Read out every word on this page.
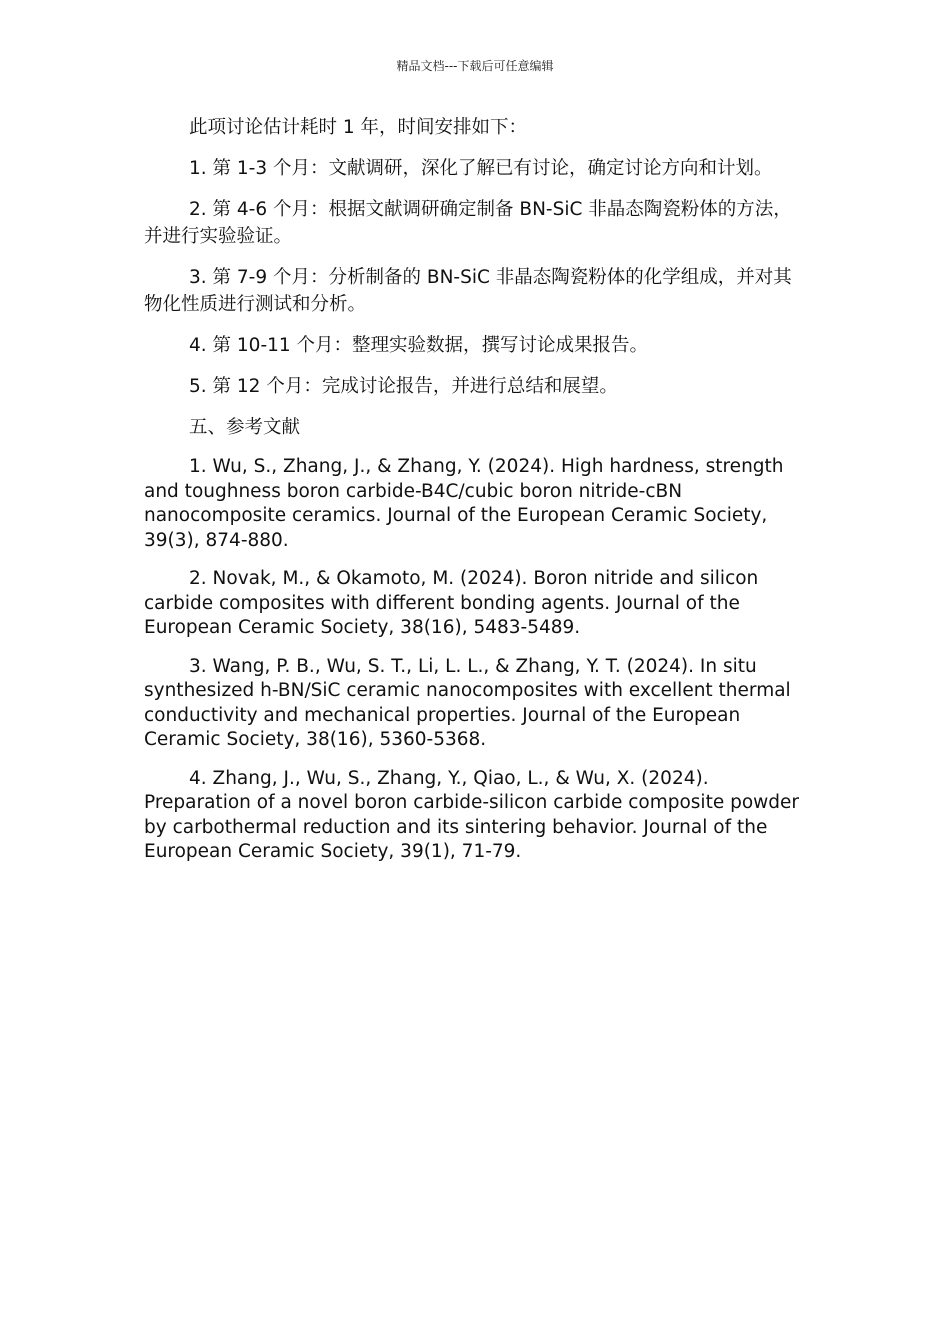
精品文档---下载后可任意编辑

此项讨论估计耗时 1 年，时间安排如下：

1. 第 1-3 个月：文献调研，深化了解已有讨论，确定讨论方向和计划。

2. 第 4-6 个月：根据文献调研确定制备 BN-SiC 非晶态陶瓷粉体的方法，并进行实验验证。

3. 第 7-9 个月：分析制备的 BN-SiC 非晶态陶瓷粉体的化学组成，并对其物化性质进行测试和分析。

4. 第 10-11 个月：整理实验数据，撰写讨论成果报告。

5. 第 12 个月：完成讨论报告，并进行总结和展望。

五、参考文献

1. Wu, S., Zhang, J., & Zhang, Y. (2024). High hardness, strength and toughness boron carbide-B4C/cubic boron nitride-cBN nanocomposite ceramics. Journal of the European Ceramic Society, 39(3), 874-880.

2. Novak, M., & Okamoto, M. (2024). Boron nitride and silicon carbide composites with different bonding agents. Journal of the European Ceramic Society, 38(16), 5483-5489.

3. Wang, P. B., Wu, S. T., Li, L. L., & Zhang, Y. T. (2024). In situ synthesized h-BN/SiC ceramic nanocomposites with excellent thermal conductivity and mechanical properties. Journal of the European Ceramic Society, 38(16), 5360-5368.

4. Zhang, J., Wu, S., Zhang, Y., Qiao, L., & Wu, X. (2024). Preparation of a novel boron carbide-silicon carbide composite powder by carbothermal reduction and its sintering behavior. Journal of the European Ceramic Society, 39(1), 71-79.
